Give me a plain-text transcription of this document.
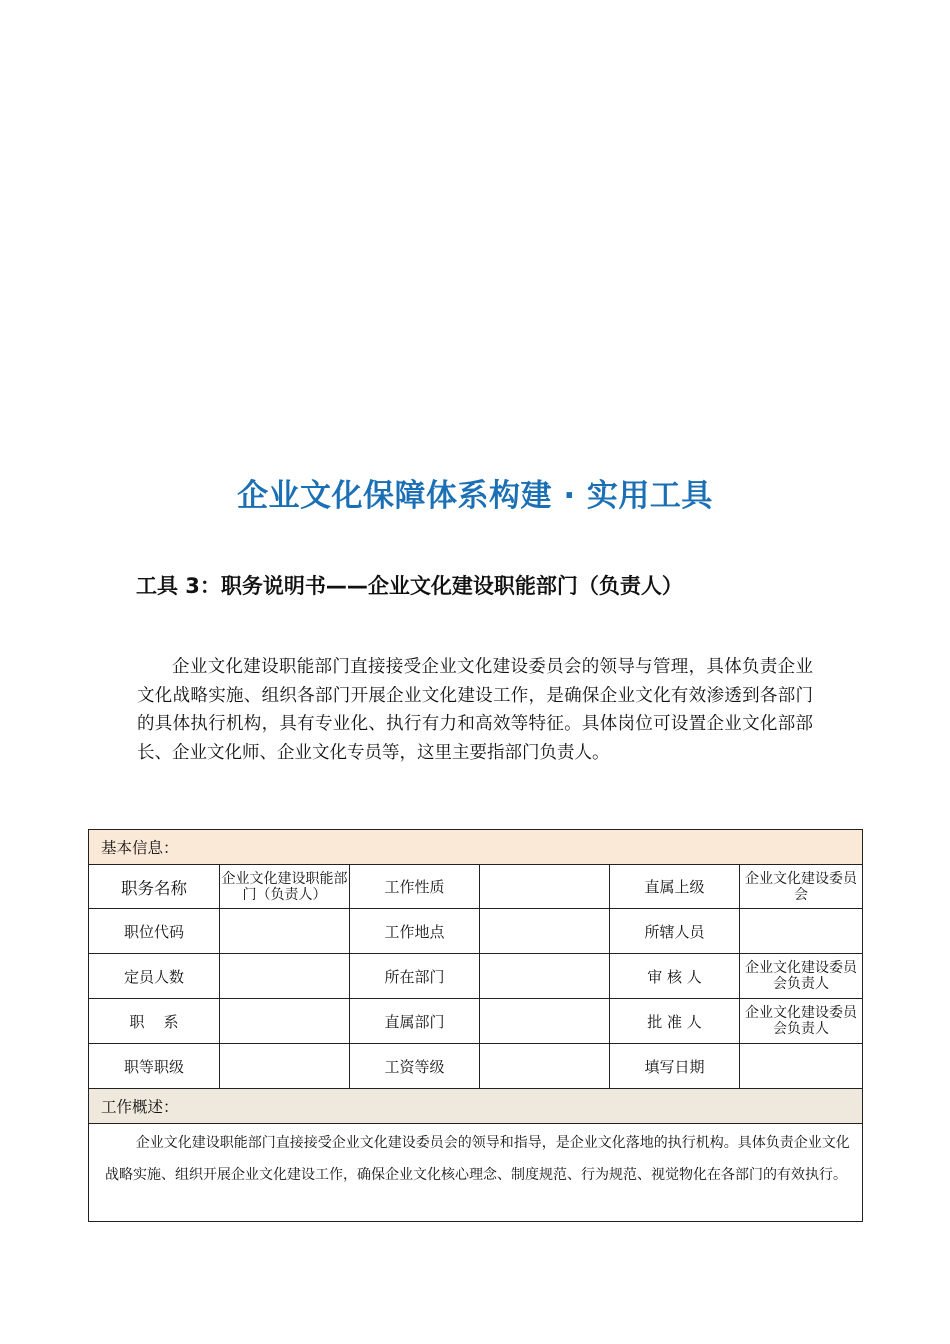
企业文化保障体系构建 · 实用工具
工具 3：职务说明书——企业文化建设职能部门（负责人）
企业文化建设职能部门直接接受企业文化建设委员会的领导与管理，具体负责企业文化战略实施、组织各部门开展企业文化建设工作，是确保企业文化有效渗透到各部门的具体执行机构，具有专业化、执行有力和高效等特征。具体岗位可设置企业文化部部长、企业文化师、企业文化专员等，这里主要指部门负责人。
基本信息：					
职务名称	企业文化建设职能部门（负责人）	工作性质		直属上级	企业文化建设委员会
职位代码		工作地点		所辖人员	
定员人数		所在部门		审 核 人	企业文化建设委员会负责人
职    系		直属部门		批 准 人	企业文化建设委员会负责人
职等职级		工资等级		填写日期	
工作概述：					

企业文化建设职能部门直接接受企业文化建设委员会的领导和指导，是企业文化落地的执行机构。具体负责企业文化战略实施、组织开展企业文化建设工作，确保企业文化核心理念、制度规范、行为规范、视觉物化在各部门的有效执行。					
